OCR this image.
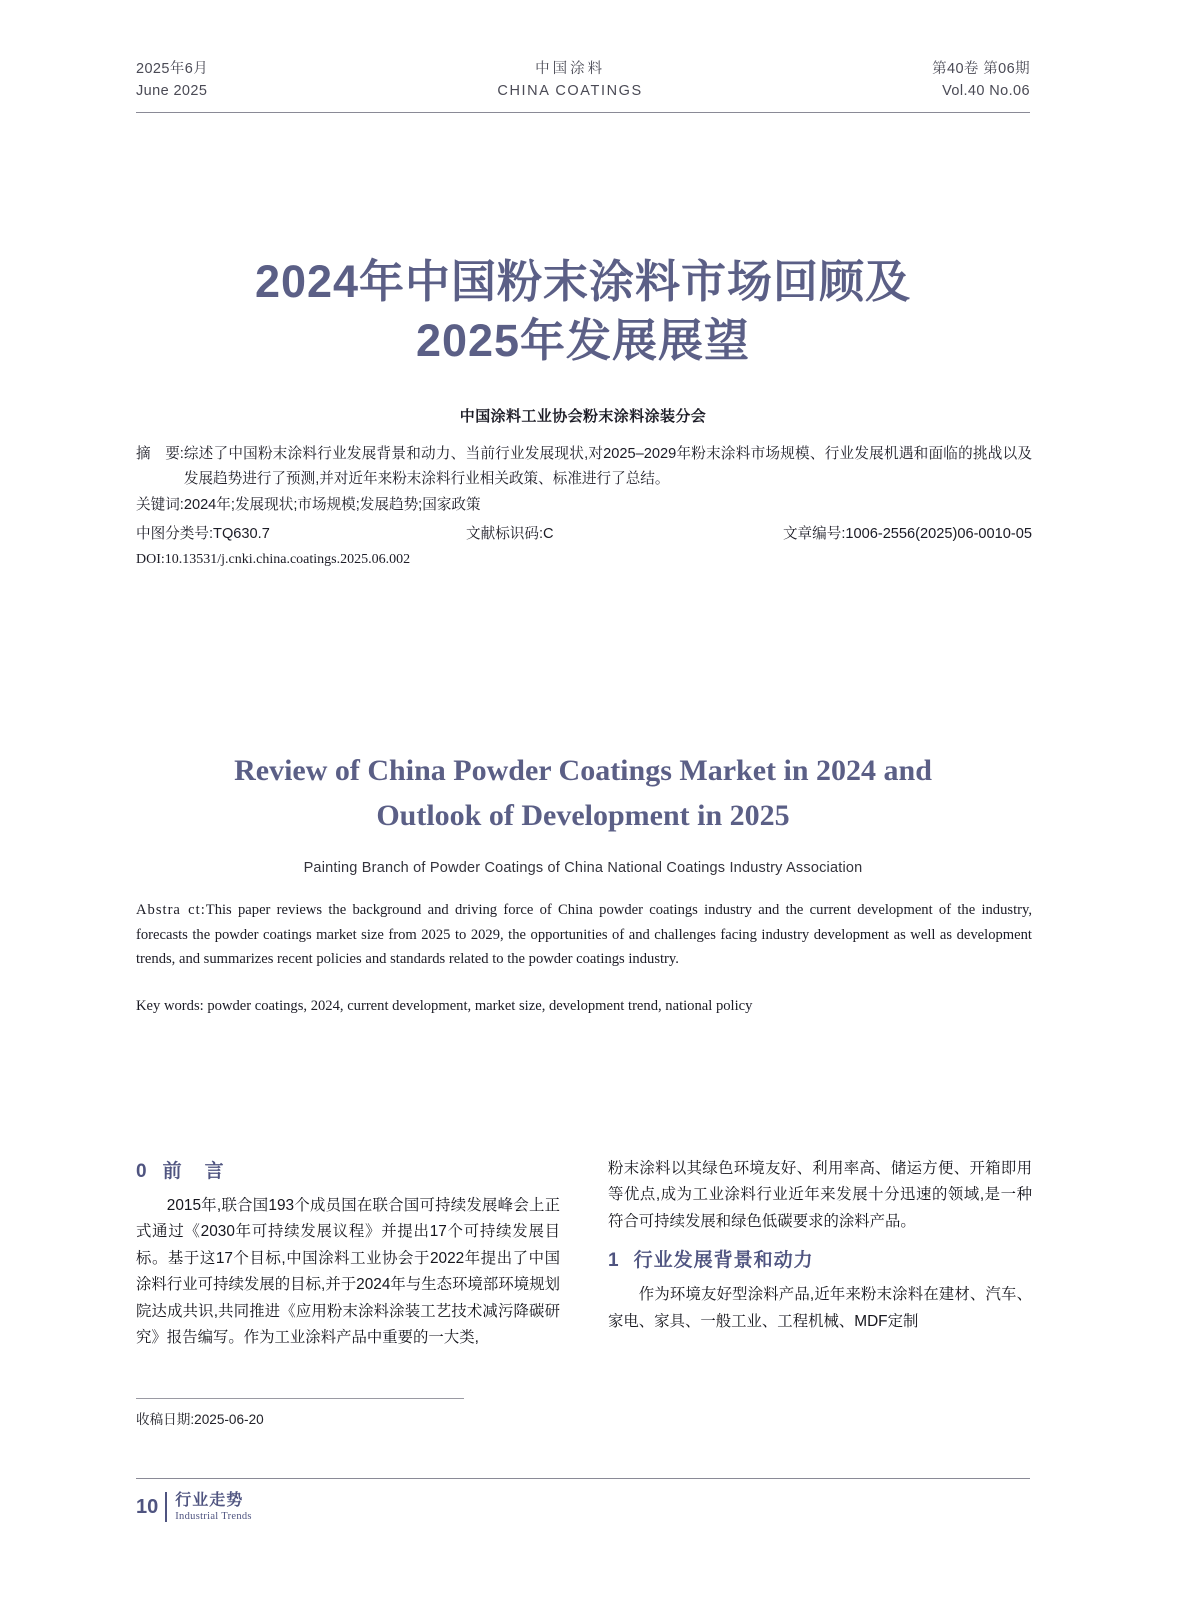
2025年6月
June 2025
中国涂料
CHINA COATINGS
第40卷 第06期
Vol.40 No.06
2024年中国粉末涂料市场回顾及
2025年发展展望
中国涂料工业协会粉末涂料涂装分会
摘　要: 综述了中国粉末涂料行业发展背景和动力、当前行业发展现状,对2025–2029年粉末涂料市场规模、行业发展机遇和面临的挑战以及发展趋势进行了预测,并对近年来粉末涂料行业相关政策、标准进行了总结。
关键词:2024年;发展现状;市场规模;发展趋势;国家政策
中图分类号:TQ630.7	文献标识码:C	文章编号:1006-2556(2025)06-0010-05
DOI:10.13531/j.cnki.china.coatings.2025.06.002
Review of China Powder Coatings Market in 2024 and
Outlook of Development in 2025
Painting Branch of Powder Coatings of China National Coatings Industry Association
Abstra ct:This paper reviews the background and driving force of China powder coatings industry and the current development of the industry, forecasts the powder coatings market size from 2025 to 2029, the opportunities of and challenges facing industry development as well as development trends, and summarizes recent policies and standards related to the powder coatings industry.
Key words: powder coatings, 2024, current development, market size, development trend, national policy
0 前　言
2015年,联合国193个成员国在联合国可持续发展峰会上正式通过《2030年可持续发展议程》并提出17个可持续发展目标。基于这17个目标,中国涂料工业协会于2022年提出了中国涂料行业可持续发展的目标,并于2024年与生态环境部环境规划院达成共识,共同推进《应用粉末涂料涂装工艺技术减污降碳研究》报告编写。作为工业涂料产品中重要的一大类,
粉末涂料以其绿色环境友好、利用率高、储运方便、开箱即用等优点,成为工业涂料行业近年来发展十分迅速的领域,是一种符合可持续发展和绿色低碳要求的涂料产品。
1 行业发展背景和动力
作为环境友好型涂料产品,近年来粉末涂料在建材、汽车、家电、家具、一般工业、工程机械、MDF定制
收稿日期:2025-06-20
10 行业走势
Industrial Trends
